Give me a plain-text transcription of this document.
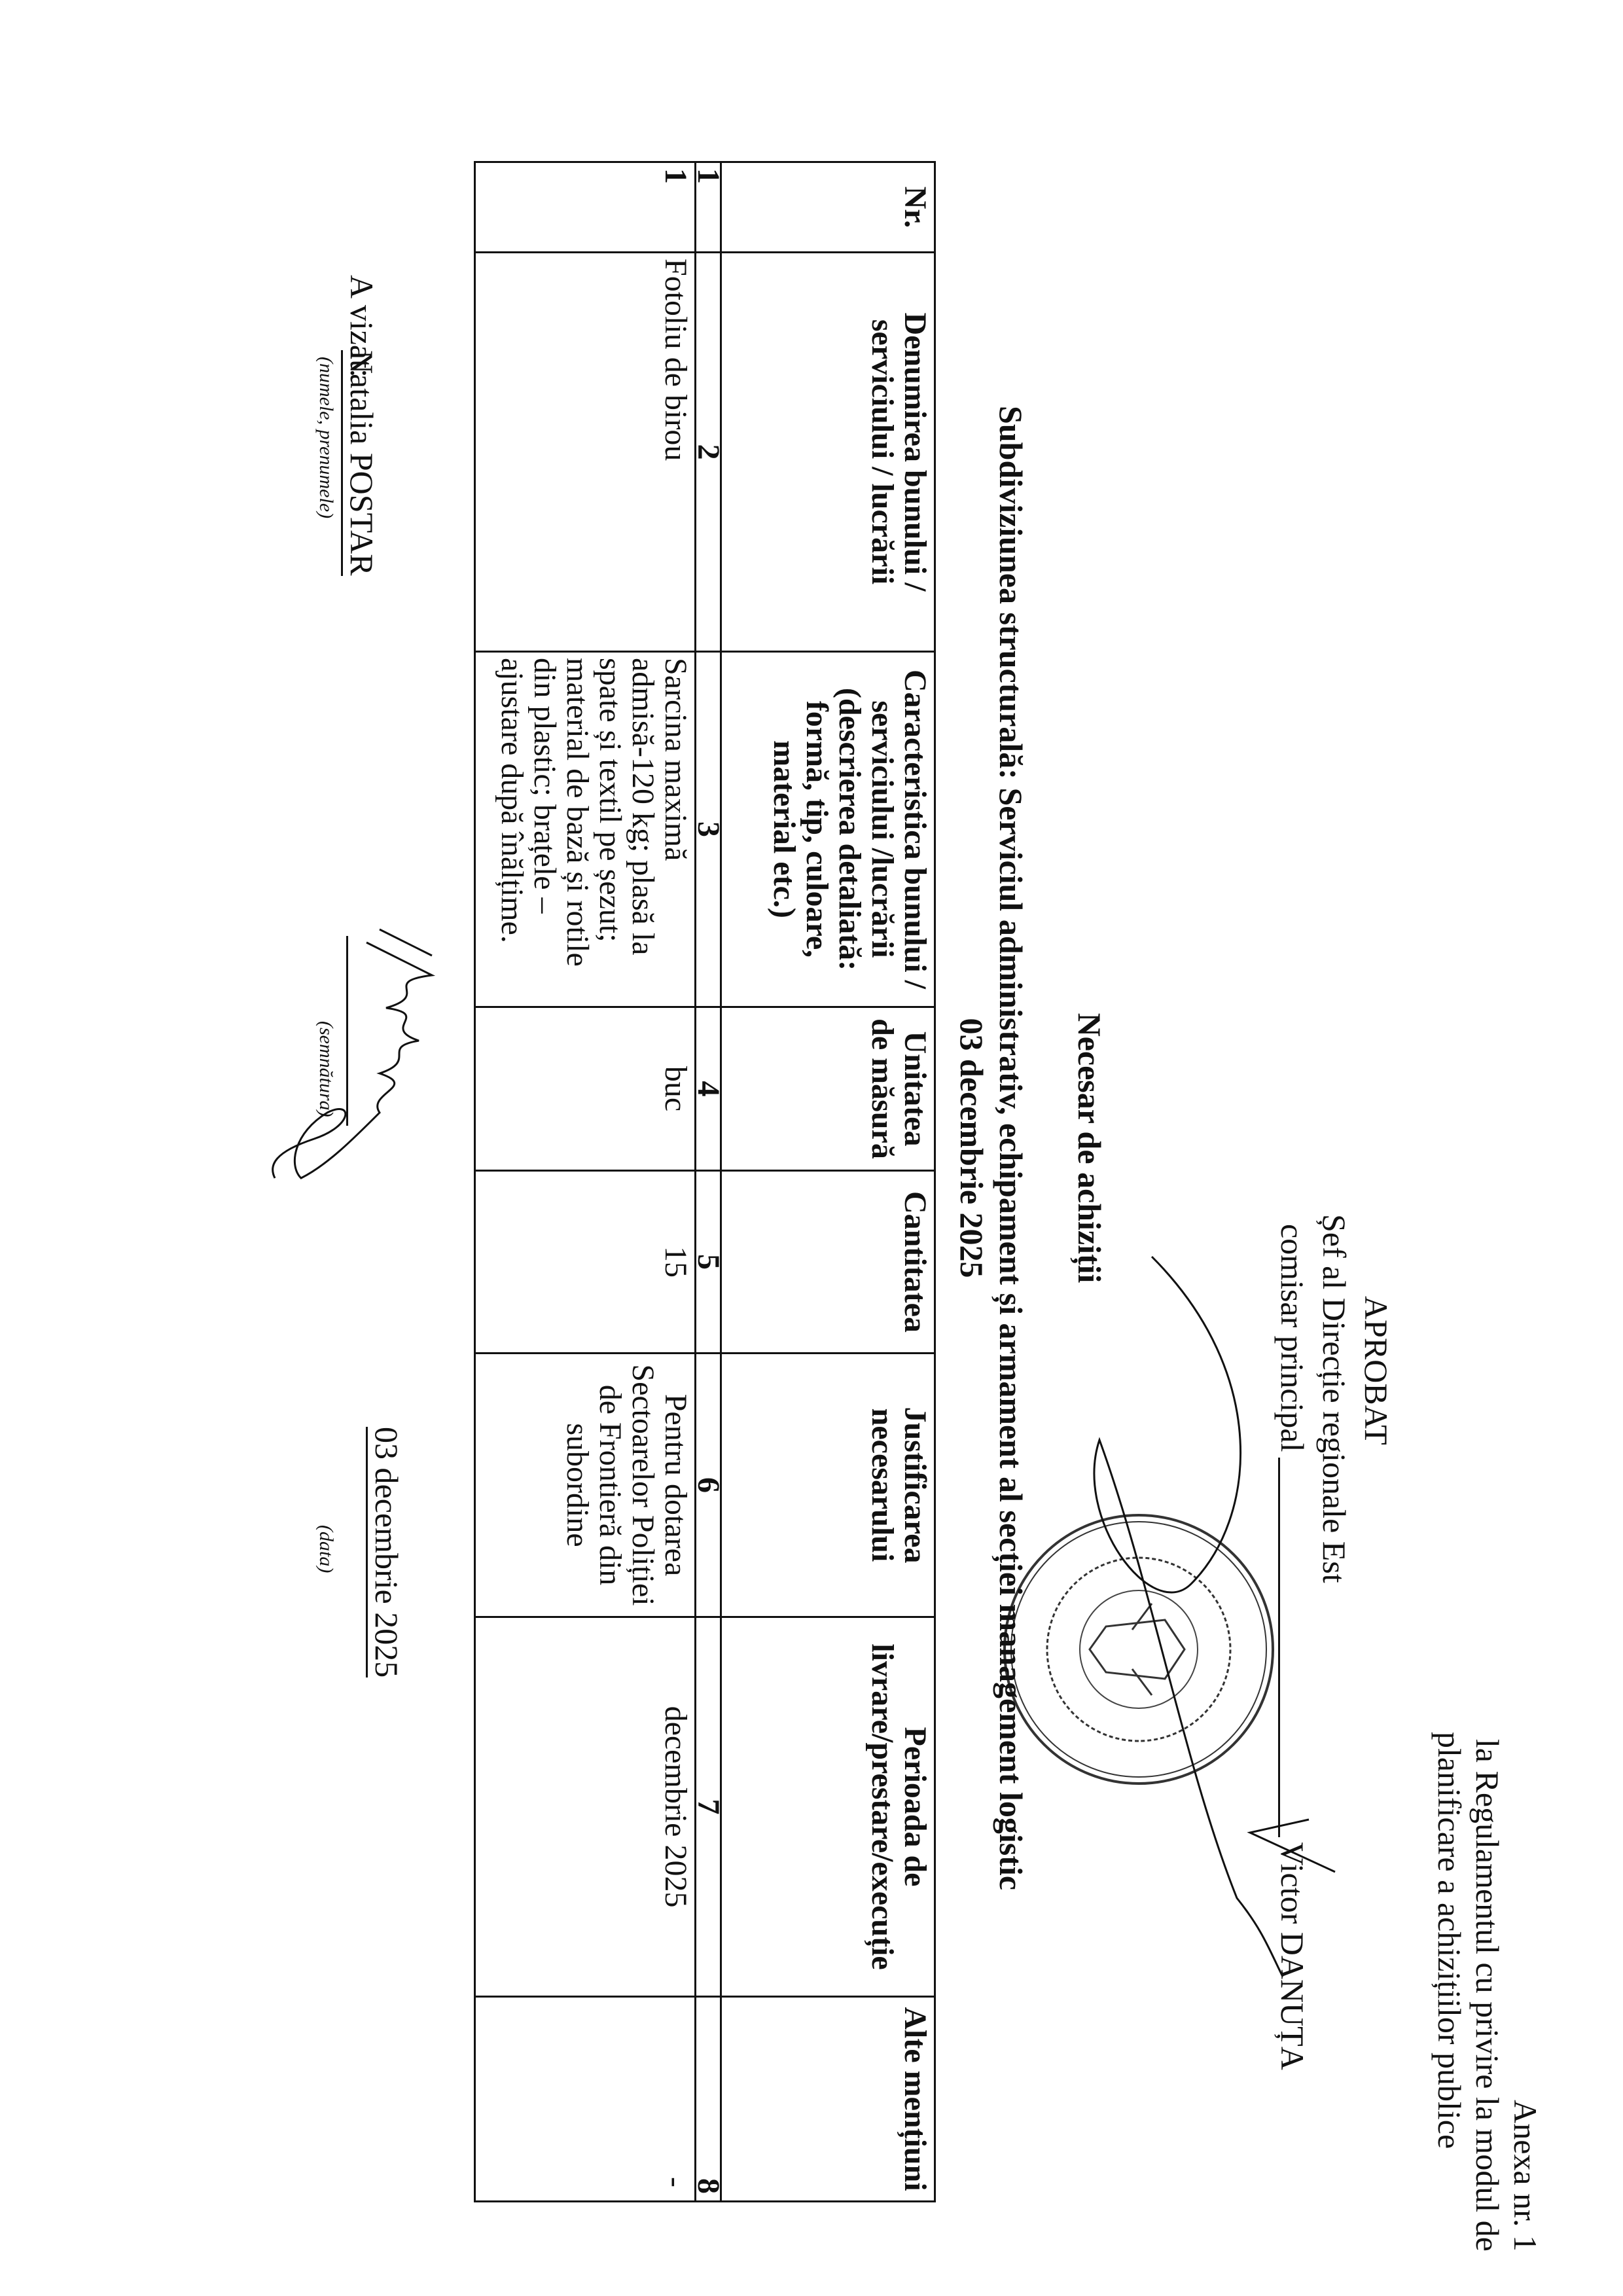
Anexa nr. 1
la Regulamentul cu privire la modul de
planificare a achizițiilor publice
APROBAT
Șef al Direcție regionale Est
comisar principal
Victor DANUȚA
Necesar de achiziții
Subdiviziunea structurală: Serviciul administrativ, echipament și armament al secției management logistic
03 decembrie 2025
Nr.	Denumirea bunului / serviciului / lucrării	Caracteristica bunului / serviciului /lucrării (descrierea detaliată: formă, tip, culoare, material etc.)	Unitatea de măsură	Cantitatea	Justificarea necesarului	Perioada de livrare/prestare/execuție	Alte mențiuni
1	2	3	4	5	6	7	8
1	Fotoliu de birou	Sarcina maximă admisă-120 kg; plasă la spate și textil pe șezut; material de bază și rotile din plastic; brațele – ajustare după înălțime.	buc	15	Pentru dotarea Sectoarelor Poliției de Frontieră din subordine	decembrie 2025	-
A vizat:
Natalia POSTAR
(numele, prenumele)
(semnătura)
03 decembrie 2025
(data)
